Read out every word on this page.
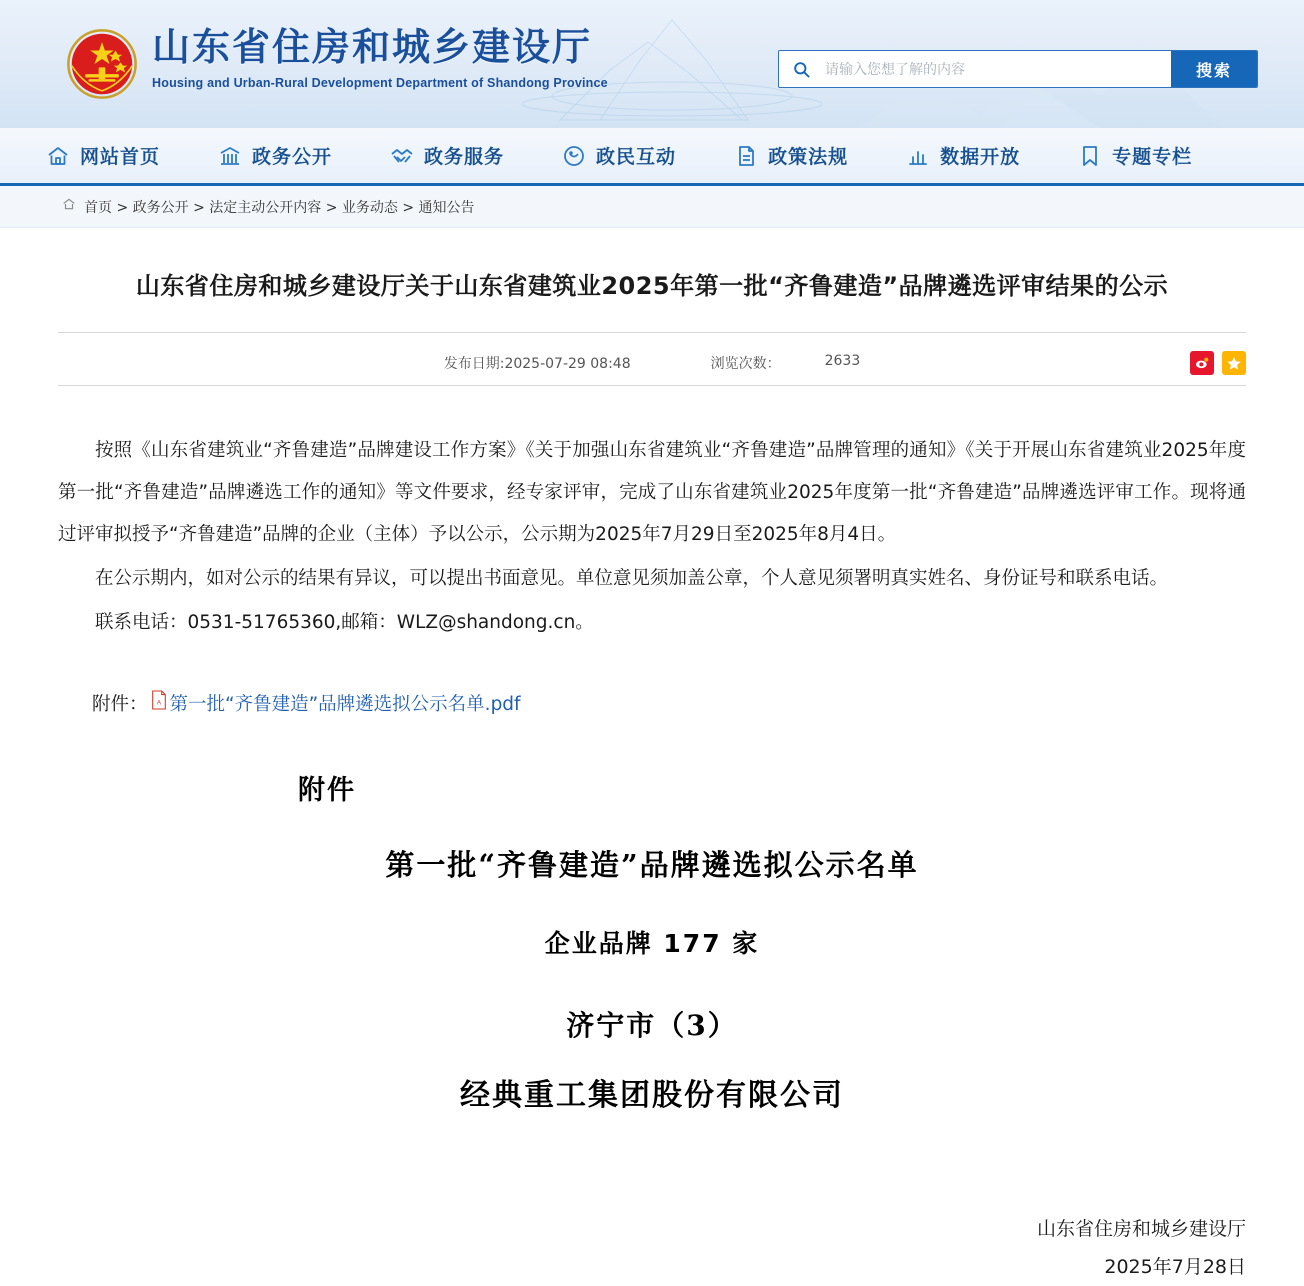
山东省住房和城乡建设厅
Housing and Urban-Rural Development Department of Shandong Province
请输入您想了解的内容
搜索
网站首页	政务公开	政务服务	政民互动	政策法规	数据开放	专题专栏
首页 > 政务公开 > 法定主动公开内容 > 业务动态 > 通知公告
山东省住房和城乡建设厅关于山东省建筑业2025年第一批“齐鲁建造”品牌遴选评审结果的公示
发布日期:2025-07-29 08:48	浏览次数：	2633

按照《山东省建筑业“齐鲁建造”品牌建设工作方案》《关于加强山东省建筑业“齐鲁建造”品牌管理的通知》《关于开展山东省建筑业2025年度第一批“齐鲁建造”品牌遴选工作的通知》等文件要求，经专家评审，完成了山东省建筑业2025年度第一批“齐鲁建造”品牌遴选评审工作。现将通过评审拟授予“齐鲁建造”品牌的企业（主体）予以公示，公示期为2025年7月29日至2025年8月4日。

在公示期内，如对公示的结果有异议，可以提出书面意见。单位意见须加盖公章，个人意见须署明真实姓名、身份证号和联系电话。

联系电话：0531-51765360,邮箱：WLZ@shandong.cn。

附件： A 第一批“齐鲁建造”品牌遴选拟公示名单.pdf
附件
第一批“齐鲁建造”品牌遴选拟公示名单
企业品牌 177 家
济宁市（3）
经典重工集团股份有限公司
山东省住房和城乡建设厅
2025年7月28日
